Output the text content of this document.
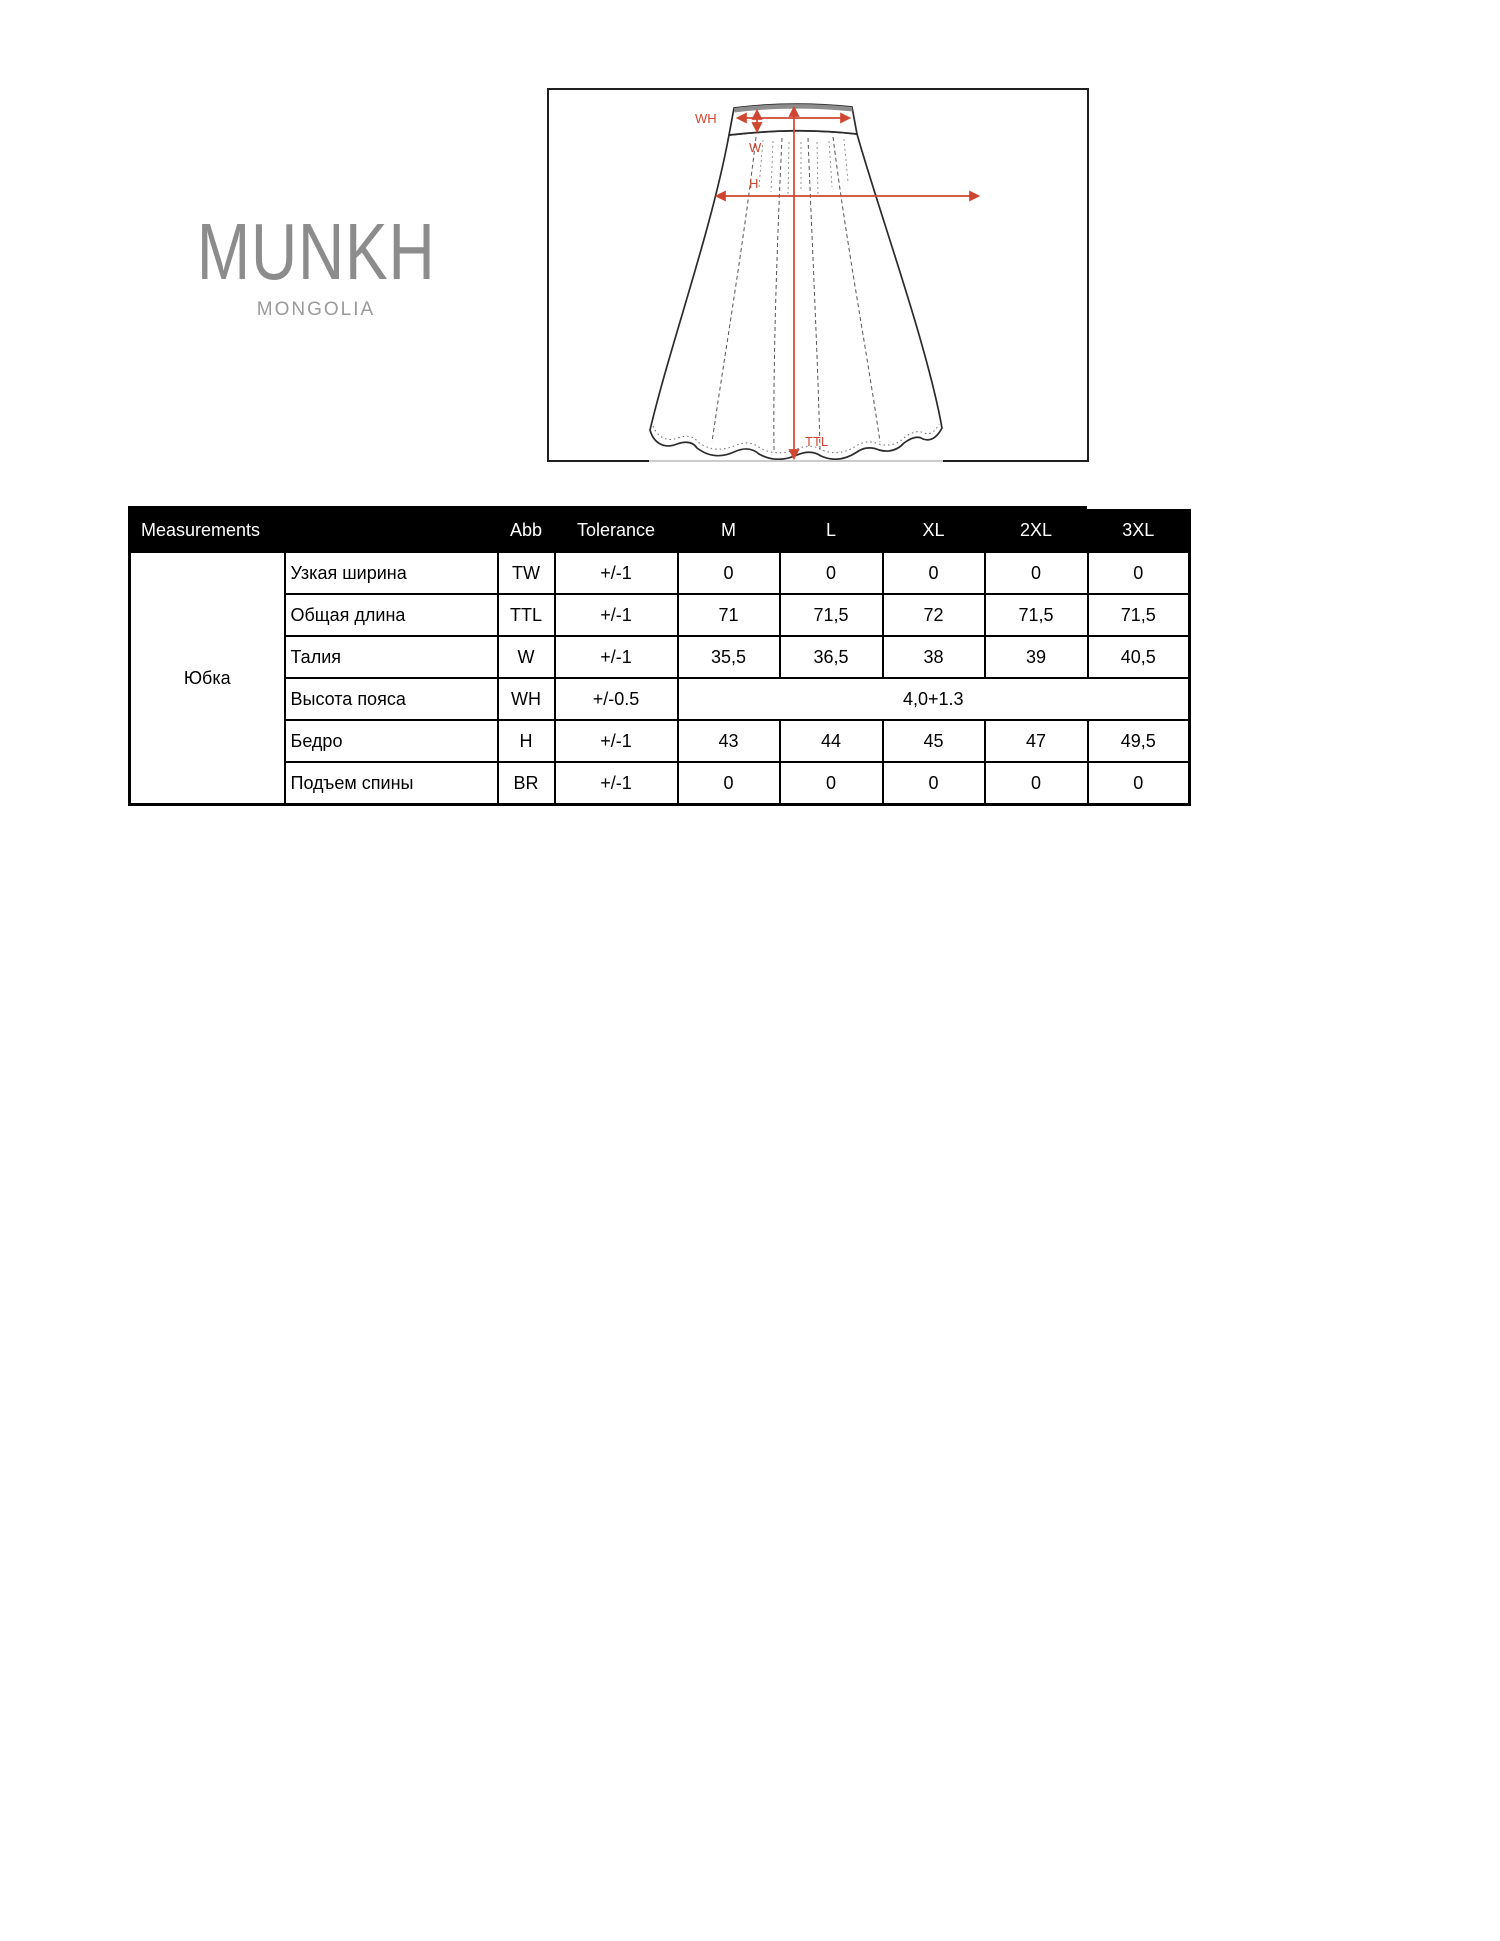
MUNKH
MONGOLIA
WH
W
H
TTL
Measurements		Abb	Tolerance	M	L	XL	2XL	3XL
Юбка	Узкая ширина	TW	+/-1	0	0	0	0	0
	Общая длина	TTL	+/-1	71	71,5	72	71,5	71,5
	Талия	W	+/-1	35,5	36,5	38	39	40,5
	Высота пояса	WH	+/-0.5	4,0+1.3				
	Бедро	H	+/-1	43	44	45	47	49,5
	Подъем спины	BR	+/-1	0	0	0	0	0
